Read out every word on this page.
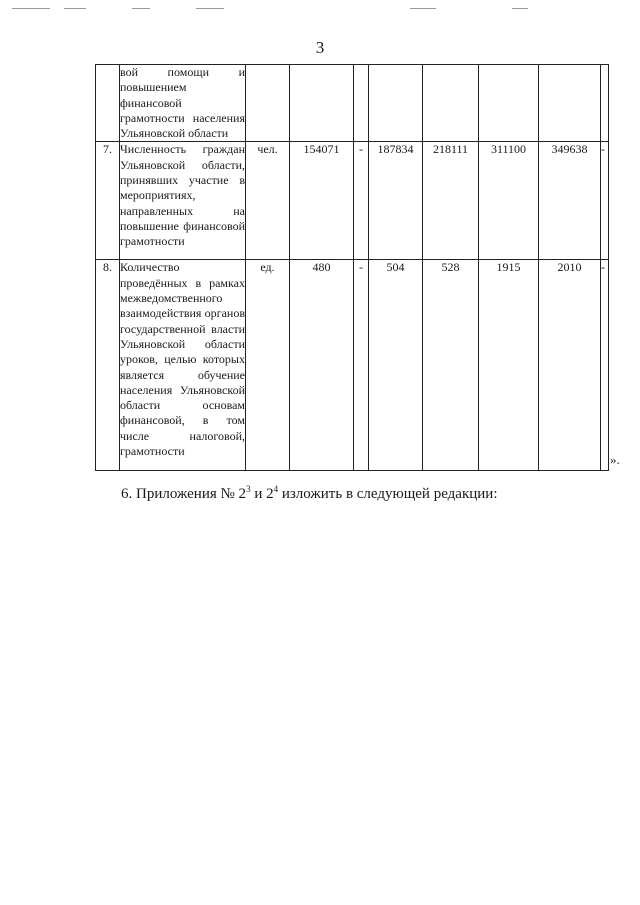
3
	вой помощи и повышением финансовой грамотности населения Ульяновской области								
7.	Численность граждан Ульяновской области, принявших участие в мероприятиях, направленных на повышение финансовой грамотности	чел.	154071	-	187834	218111	311100	349638	-
8.	Количество проведённых в рамках межведомственного взаимодействия органов государственной власти Ульяновской области уроков, целью которых является обучение населения Ульяновской области основам финансовой, в том числе налоговой, грамотности	ед.	480	-	504	528	1915	2010	-
».
6. Приложения № $2^3$ и $2^4$ изложить в следующей редакции:
